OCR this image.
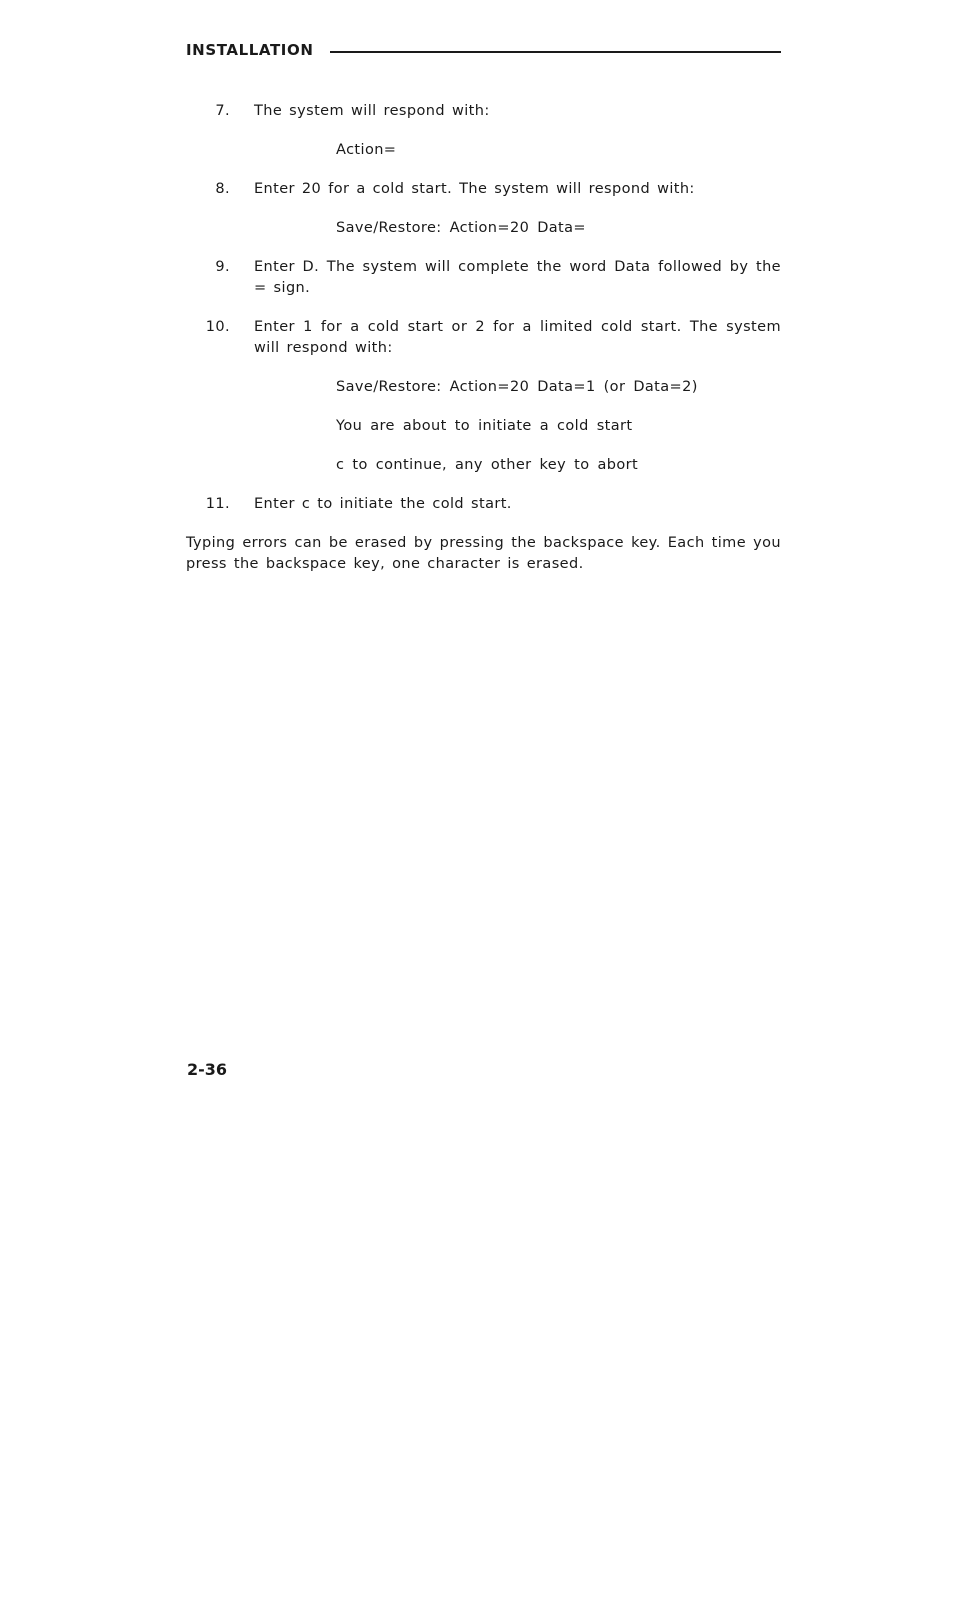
INSTALLATION
7. The system will respond with:
Action=
8. Enter 20 for a cold start. The system will respond with:
Save/Restore: Action=20 Data=
9. Enter D. The system will complete the word Data followed by the = sign.
10. Enter 1 for a cold start or 2 for a limited cold start. The system will respond with:
Save/Restore: Action=20 Data=1 (or Data=2)
You are about to initiate a cold start
c to continue, any other key to abort
11. Enter c to initiate the cold start.
Typing errors can be erased by pressing the backspace key. Each time you press the backspace key, one character is erased.
2-36
